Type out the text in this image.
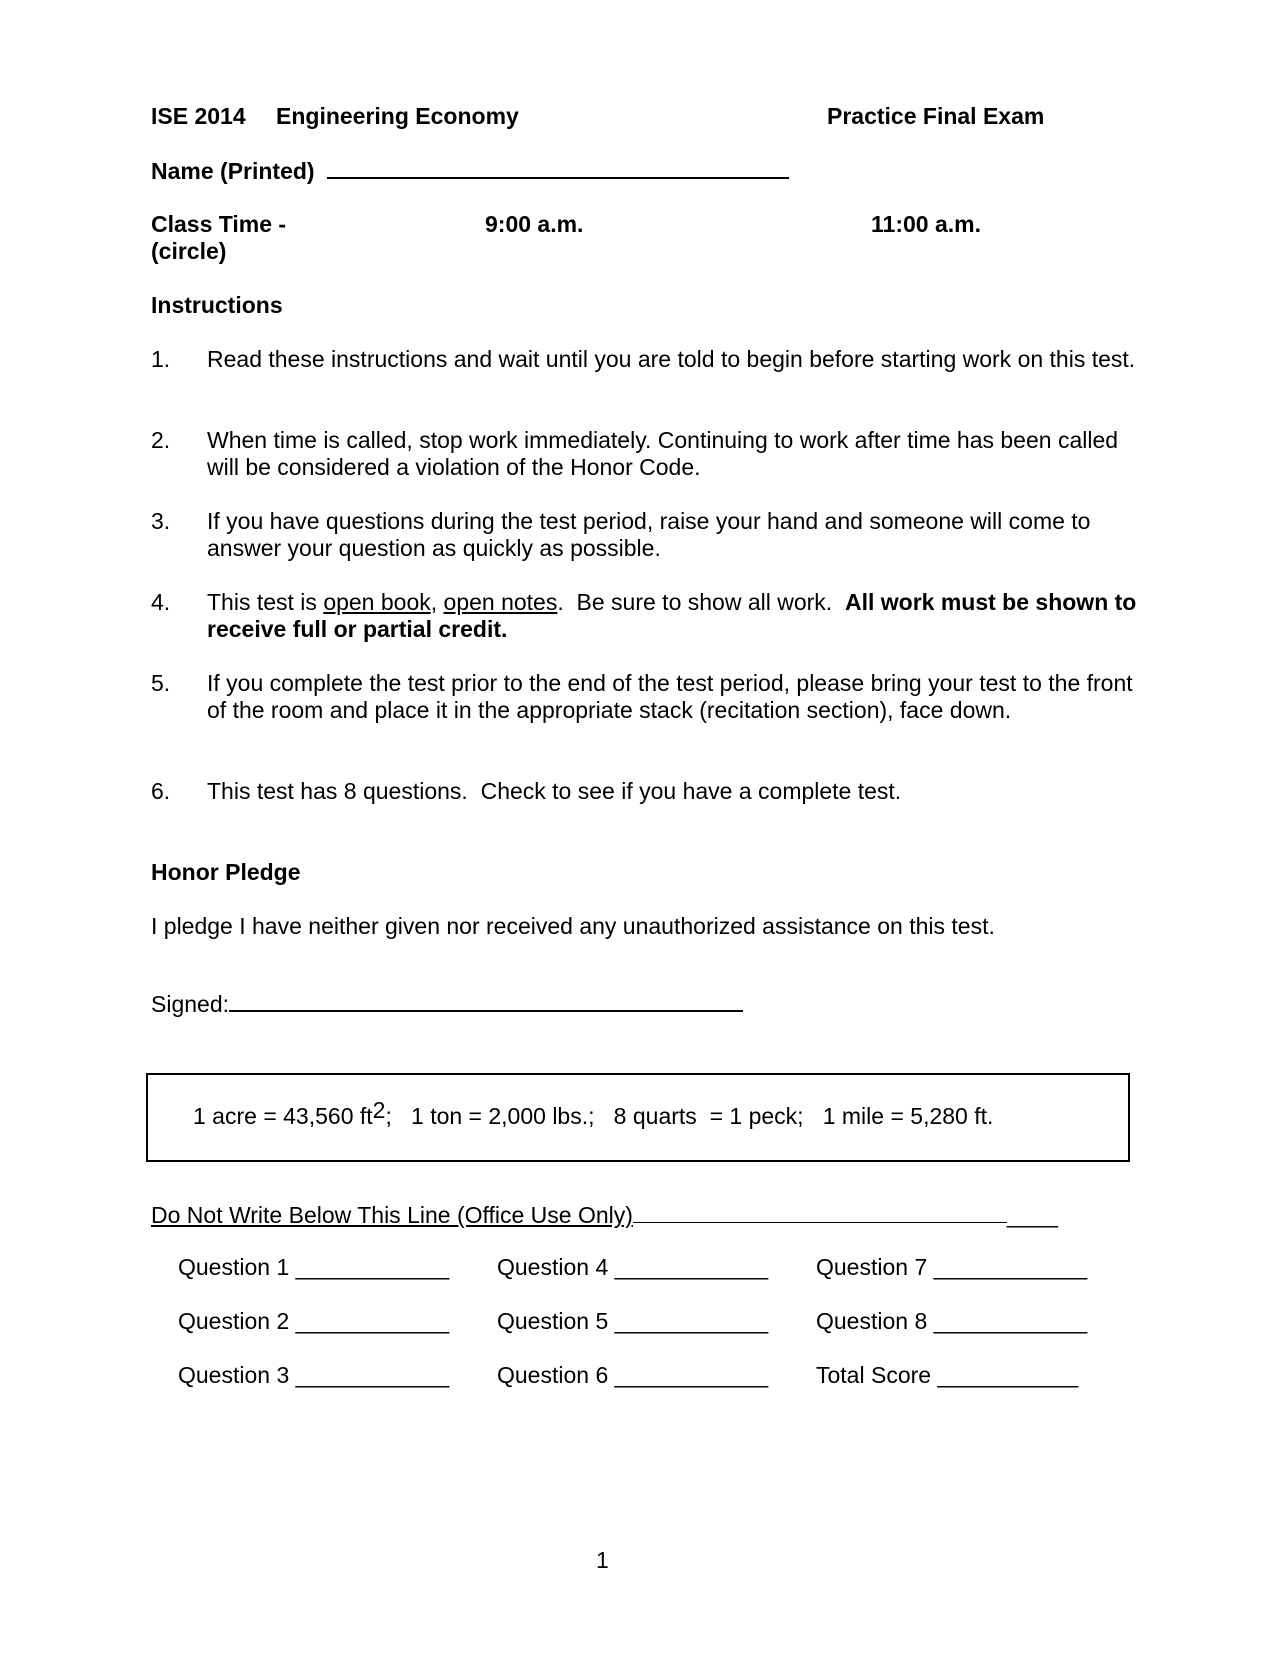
ISE 2014 Engineering Economy	Practice Final Exam
Name (Printed)
Class Time -
(circle)
9:00 a.m.	11:00 a.m.
Instructions
1. Read these instructions and wait until you are told to begin before starting work on this test.
2. When time is called, stop work immediately. Continuing to work after time has been called will be considered a violation of the Honor Code.
3. If you have questions during the test period, raise your hand and someone will come to answer your question as quickly as possible.
4. This test is open book, open notes.  Be sure to show all work.  All work must be shown to receive full or partial credit.
5. If you complete the test prior to the end of the test period, please bring your test to the front of the room and place it in the appropriate stack (recitation section), face down.
6. This test has 8 questions.  Check to see if you have a complete test.
Honor Pledge
I pledge I have neither given nor received any unauthorized assistance on this test.
Signed:
1 acre = 43,560 $ft^2$;   1 ton = 2,000 lbs.;   8 quarts  = 1 peck;   1 mile = 5,280 ft.
Do Not Write Below This Line (Office Use Only)	____
Question 1 ____________ Question 4 ____________ Question 7 ____________
Question 2 ____________ Question 5 ____________ Question 8 ____________
Question 3 ____________ Question 6 ____________ Total Score ___________
1
